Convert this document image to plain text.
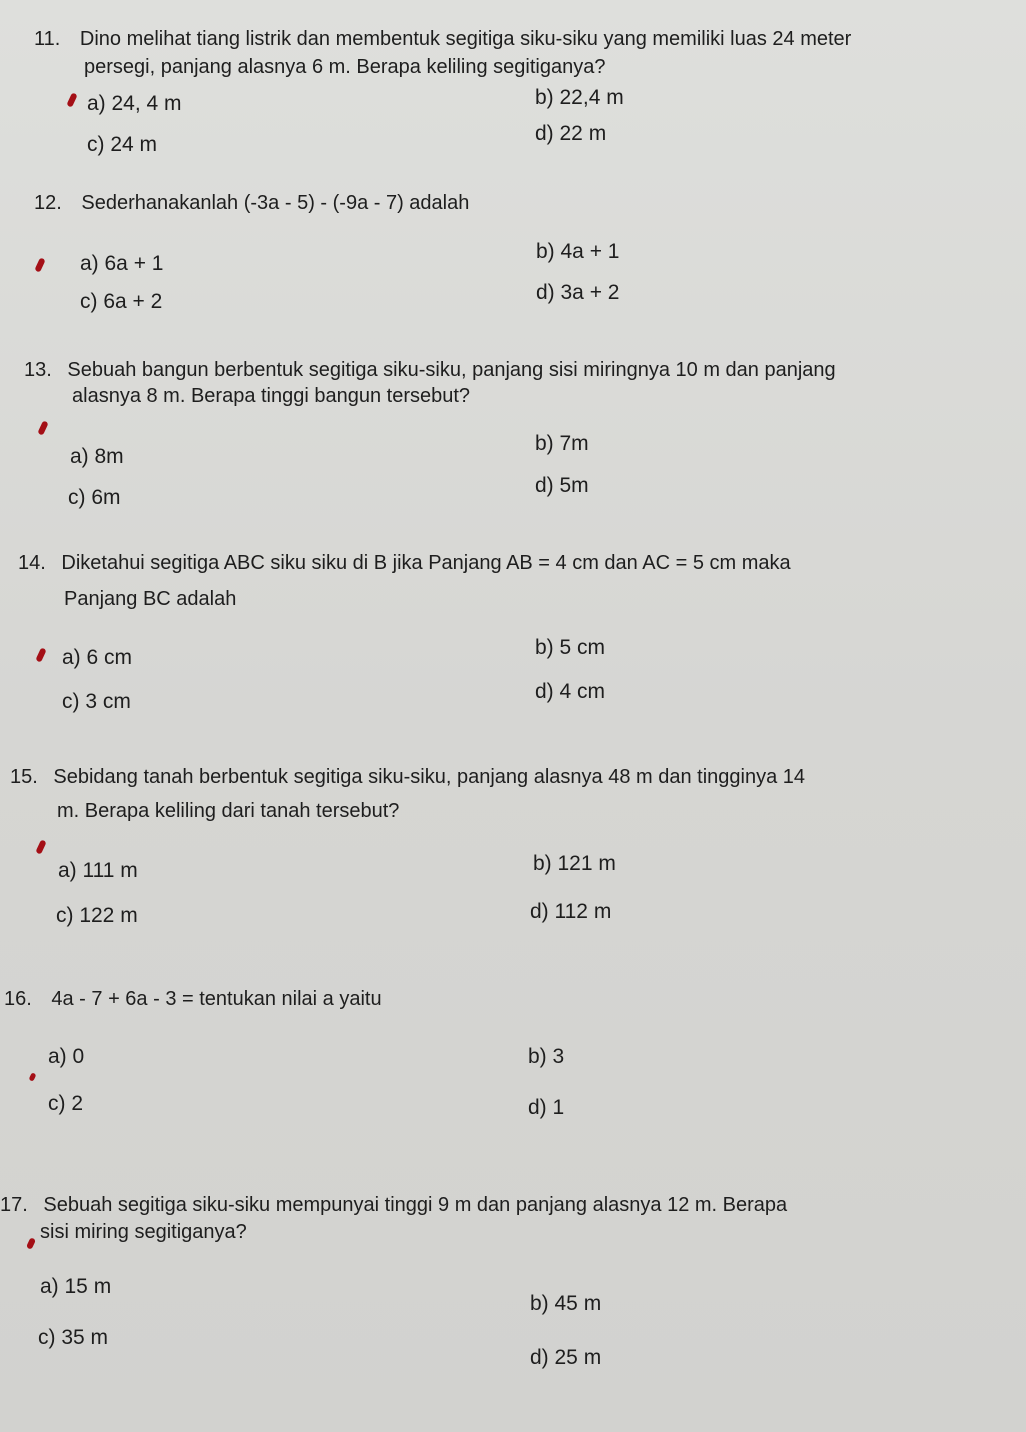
11. Dino melihat tiang listrik dan membentuk segitiga siku-siku yang memiliki luas 24 meter
persegi, panjang alasnya 6 m. Berapa keliling segitiganya?
a) 24, 4 m	b) 22,4 m
c) 24 m	d) 22 m
12. Sederhanakanlah (-3a - 5) - (-9a - 7) adalah
a) 6a + 1
b) 4a + 1
c) 6a + 2	d) 3a + 2
13. Sebuah bangun berbentuk segitiga siku-siku, panjang sisi miringnya 10 m dan panjang
alasnya 8 m. Berapa tinggi bangun tersebut?
a) 8m
b) 7m
c) 6m
d) 5m
14. Diketahui segitiga ABC siku siku di B jika Panjang AB = 4 cm dan AC = 5 cm maka
Panjang BC adalah
a) 6 cm	b) 5 cm
c) 3 cm	d) 4 cm
15. Sebidang tanah berbentuk segitiga siku-siku, panjang alasnya 48 m dan tingginya 14
m. Berapa keliling dari tanah tersebut?
a) 111 m	b) 121 m
c) 122 m	d) 112 m
16. 4a - 7 + 6a - 3 = tentukan nilai a yaitu
a) 0	b) 3
c) 2	d) 1
17. Sebuah segitiga siku-siku mempunyai tinggi 9 m dan panjang alasnya 12 m. Berapa
sisi miring segitiganya?
a) 15 m
b) 45 m
c) 35 m
d) 25 m
